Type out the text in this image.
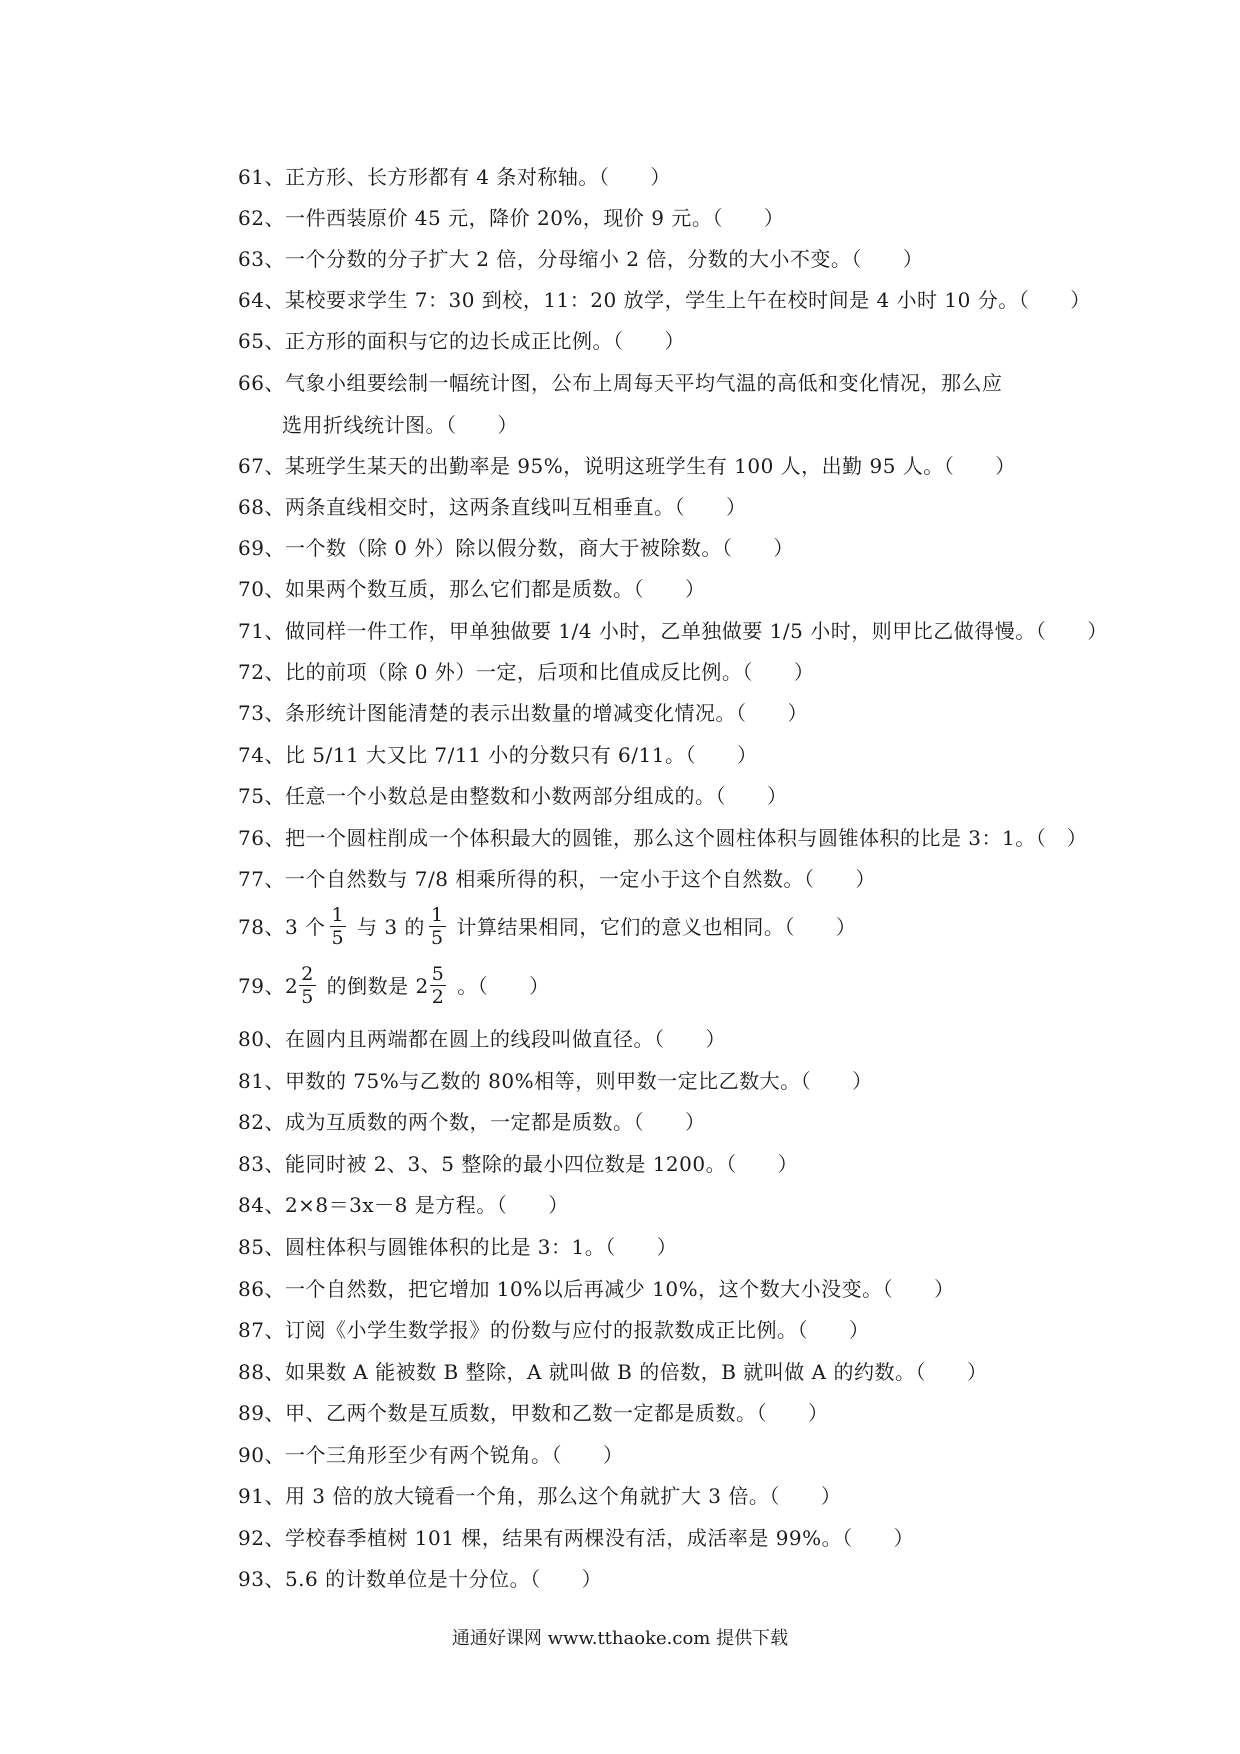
61、正方形、长方形都有 4 条对称轴。（　　）
62、一件西装原价 45 元，降价 20%，现价 9 元。（　　）
63、一个分数的分子扩大 2 倍，分母缩小 2 倍，分数的大小不变。（　　）
64、某校要求学生 7：30 到校，11：20 放学，学生上午在校时间是 4 小时 10 分。（　　）
65、正方形的面积与它的边长成正比例。（　　）
66、气象小组要绘制一幅统计图，公布上周每天平均气温的高低和变化情况，那么应
选用折线统计图。（　　）
67、某班学生某天的出勤率是 95%，说明这班学生有 100 人，出勤 95 人。（　　）
68、两条直线相交时，这两条直线叫互相垂直。（　　）
69、一个数（除 0 外）除以假分数，商大于被除数。（　　）
70、如果两个数互质，那么它们都是质数。（　　）
71、做同样一件工作，甲单独做要 1/4 小时，乙单独做要 1/5 小时，则甲比乙做得慢。（　　）
72、比的前项（除 0 外）一定，后项和比值成反比例。（　　）
73、条形统计图能清楚的表示出数量的增减变化情况。（　　）
74、比 5/11 大又比 7/11 小的分数只有 6/11。（　　）
75、任意一个小数总是由整数和小数两部分组成的。（　　）
76、把一个圆柱削成一个体积最大的圆锥，那么这个圆柱体积与圆锥体积的比是 3：1。（　）
77、一个自然数与 7/8 相乘所得的积，一定小于这个自然数。（　　）
78、3 个 $\frac{1}{5}$ 与 3 的 $\frac{1}{5}$ 计算结果相同，它们的意义也相同。（　　）
79、$2 \frac{2}{5}$ 的倒数是 $2 \frac{5}{2}$ 。（　　）
80、在圆内且两端都在圆上的线段叫做直径。（　　）
81、甲数的 75%与乙数的 80%相等，则甲数一定比乙数大。（　　）
82、成为互质数的两个数，一定都是质数。（　　）
83、能同时被 2、3、5 整除的最小四位数是 1200。（　　）
84、2×8＝3x－8 是方程。（　　）
85、圆柱体积与圆锥体积的比是 3：1。（　　）
86、一个自然数，把它增加 10%以后再减少 10%，这个数大小没变。（　　）
87、订阅《小学生数学报》的份数与应付的报款数成正比例。（　　）
88、如果数 A 能被数 B 整除，A 就叫做 B 的倍数，B 就叫做 A 的约数。（　　）
89、甲、乙两个数是互质数，甲数和乙数一定都是质数。（　　）
90、一个三角形至少有两个锐角。（　　）
91、用 3 倍的放大镜看一个角，那么这个角就扩大 3 倍。（　　）
92、学校春季植树 101 棵，结果有两棵没有活，成活率是 99%。（　　）
93、5.6 的计数单位是十分位。（　　）
通通好课网 www.tthaoke.com 提供下载
